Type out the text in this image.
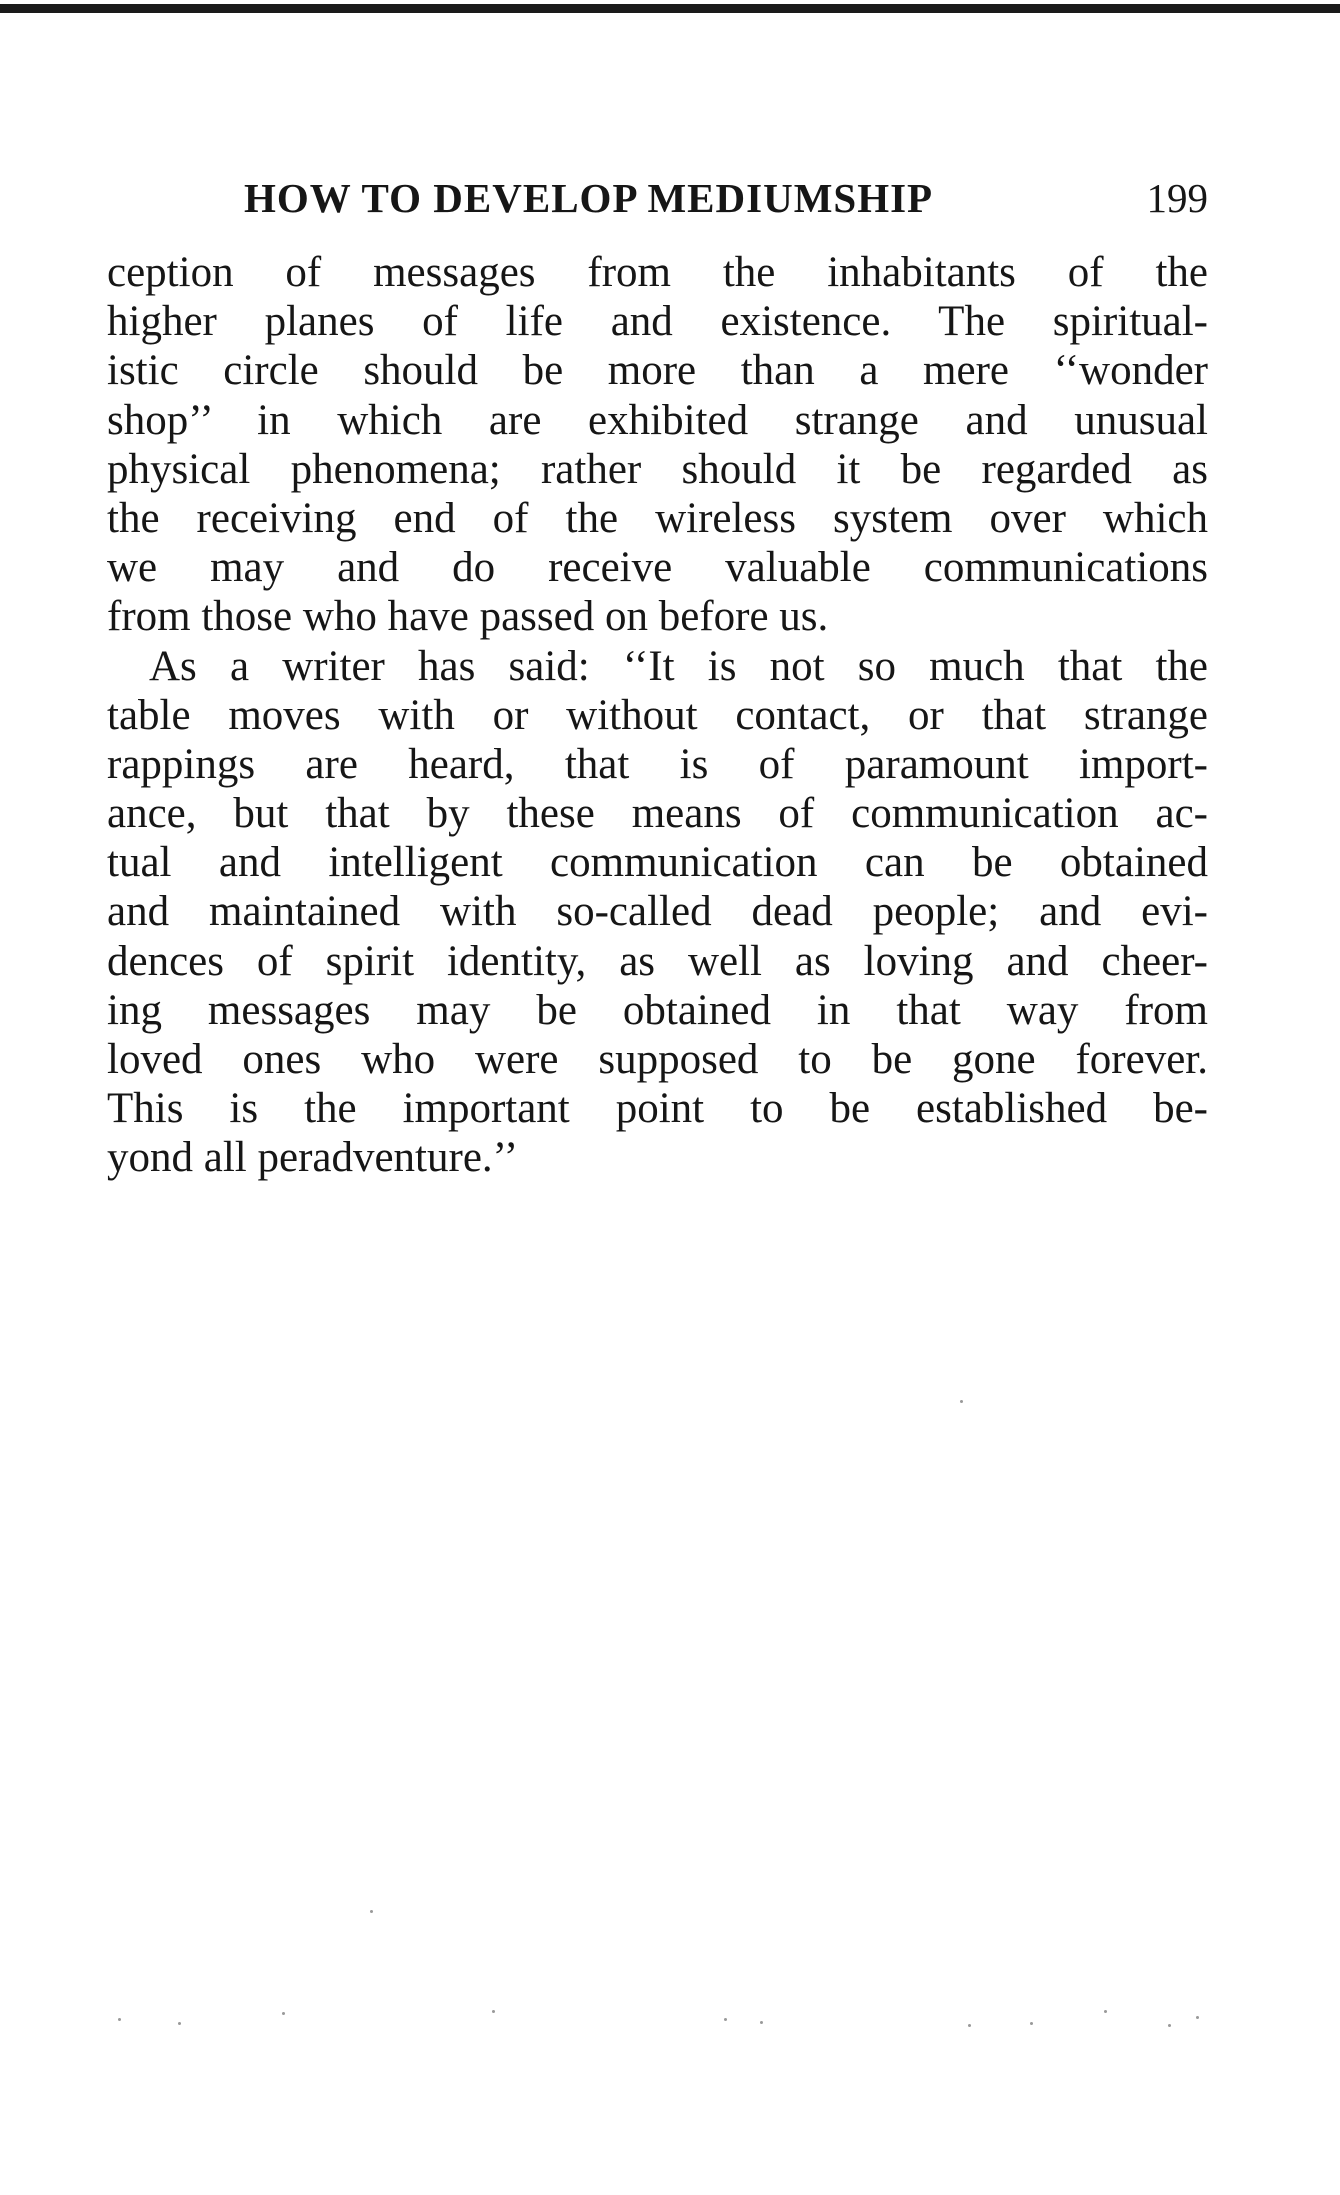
HOW TO DEVELOP MEDIUMSHIP	199
ception of messages from the inhabitants of the
higher planes of life and existence. The spiritual-
istic circle should be more than a mere ‘‘wonder
shop’’ in which are exhibited strange and unusual
physical phenomena; rather should it be regarded as
the receiving end of the wireless system over which
we may and do receive valuable communications
from those who have passed on before us.
As a writer has said: ‘‘It is not so much that the
table moves with or without contact, or that strange
rappings are heard, that is of paramount import-
ance, but that by these means of communication ac-
tual and intelligent communication can be obtained
and maintained with so-called dead people; and evi-
dences of spirit identity, as well as loving and cheer-
ing messages may be obtained in that way from
loved ones who were supposed to be gone forever.
This is the important point to be established be-
yond all peradventure.’’
